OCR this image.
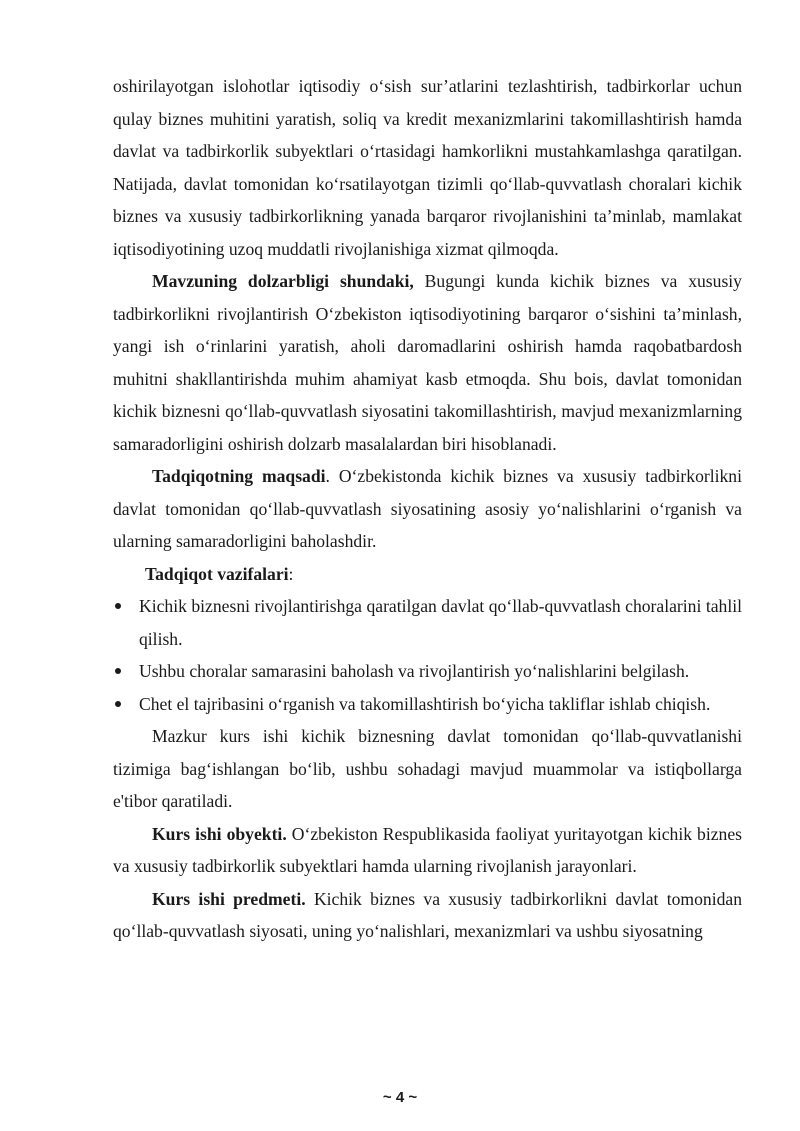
oshirilayotgan islohotlar iqtisodiy o‘sish sur’atlarini tezlashtirish, tadbirkorlar uchun qulay biznes muhitini yaratish, soliq va kredit mexanizmlarini takomillashtirish hamda davlat va tadbirkorlik subyektlari o‘rtasidagi hamkorlikni mustahkamlashga qaratilgan. Natijada, davlat tomonidan ko‘rsatilayotgan tizimli qo‘llab-quvvatlash choralari kichik biznes va xususiy tadbirkorlikning yanada barqaror rivojlanishini ta’minlab, mamlakat iqtisodiyotining uzoq muddatli rivojlanishiga xizmat qilmoqda.

Mavzuning dolzarbligi shundaki, Bugungi kunda kichik biznes va xususiy tadbirkorlikni rivojlantirish O‘zbekiston iqtisodiyotining barqaror o‘sishini ta’minlash, yangi ish o‘rinlarini yaratish, aholi daromadlarini oshirish hamda raqobatbardosh muhitni shakllantirishda muhim ahamiyat kasb etmoqda. Shu bois, davlat tomonidan kichik biznesni qo‘llab-quvvatlash siyosatini takomillashtirish, mavjud mexanizmlarning samaradorligini oshirish dolzarb masalalardan biri hisoblanadi.

Tadqiqotning maqsadi. O‘zbekistonda kichik biznes va xususiy tadbirkorlikni davlat tomonidan qo‘llab-quvvatlash siyosatining asosiy yo‘nalishlarini o‘rganish va ularning samaradorligini baholashdir.

Tadqiqot vazifalari:

Kichik biznesni rivojlantirishga qaratilgan davlat qo‘llab-quvvatlash choralarini tahlil qilish.
Ushbu choralar samarasini baholash va rivojlantirish yo‘nalishlarini belgilash.
Chet el tajribasini o‘rganish va takomillashtirish bo‘yicha takliflar ishlab chiqish.

Mazkur kurs ishi kichik biznesning davlat tomonidan qo‘llab-quvvatlanishi tizimiga bag‘ishlangan bo‘lib, ushbu sohadagi mavjud muammolar va istiqbollarga e'tibor qaratiladi.

Kurs ishi obyekti. O‘zbekiston Respublikasida faoliyat yuritayotgan kichik biznes va xususiy tadbirkorlik subyektlari hamda ularning rivojlanish jarayonlari.

Kurs ishi predmeti. Kichik biznes va xususiy tadbirkorlikni davlat tomonidan qo‘llab-quvvatlash siyosati, uning yo‘nalishlari, mexanizmlari va ushbu siyosatning

~ 4 ~
